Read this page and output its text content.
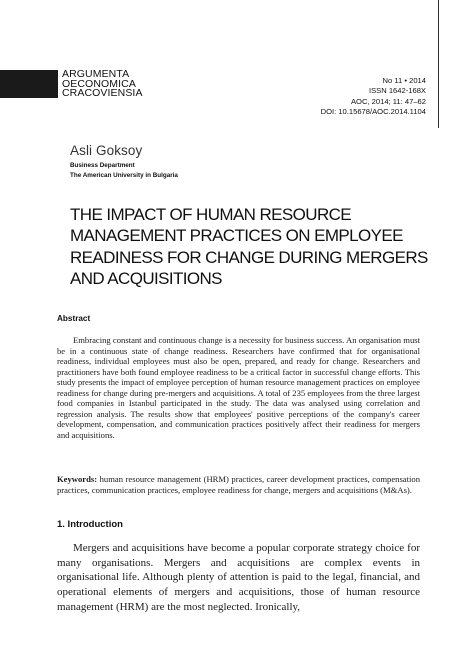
ARGUMENTA
OECONOMICA
CRACOVIENSIA
No 11 • 2014
ISSN 1642-168X
AOC, 2014; 11: 47–62
DOI: 10.15678/AOC.2014.1104
Asli Goksoy
Business Department
The American University in Bulgaria
THE IMPACT OF HUMAN RESOURCE
MANAGEMENT PRACTICES ON EMPLOYEE
READINESS FOR CHANGE DURING MERGERS
AND ACQUISITIONS
Abstract

Embracing constant and continuous change is a necessity for business success. An organisation must be in a continuous state of change readiness. Researchers have confirmed that for organisational readiness, individual employees must also be open, prepared, and ready for change. Researchers and practitioners have both found employee readiness to be a critical factor in successful change efforts. This study presents the impact of employee perception of human resource management practices on employee readiness for change during pre-mergers and acquisitions. A total of 235 employees from the three largest food companies in Istanbul participated in the study. The data was analysed using correlation and regression analysis. The results show that employees' positive perceptions of the company's career development, compensation, and communication practices positively affect their readiness for mergers and acquisitions.

Keywords: human resource management (HRM) practices, career development practices, compensation practices, communication practices, employee readiness for change, mergers and acquisitions (M&As).
1. Introduction

Mergers and acquisitions have become a popular corporate strategy choice for many organisations. Mergers and acquisitions are complex events in organisational life. Although plenty of attention is paid to the legal, financial, and operational elements of mergers and acquisitions, those of human resource management (HRM) are the most neglected. Ironically,
